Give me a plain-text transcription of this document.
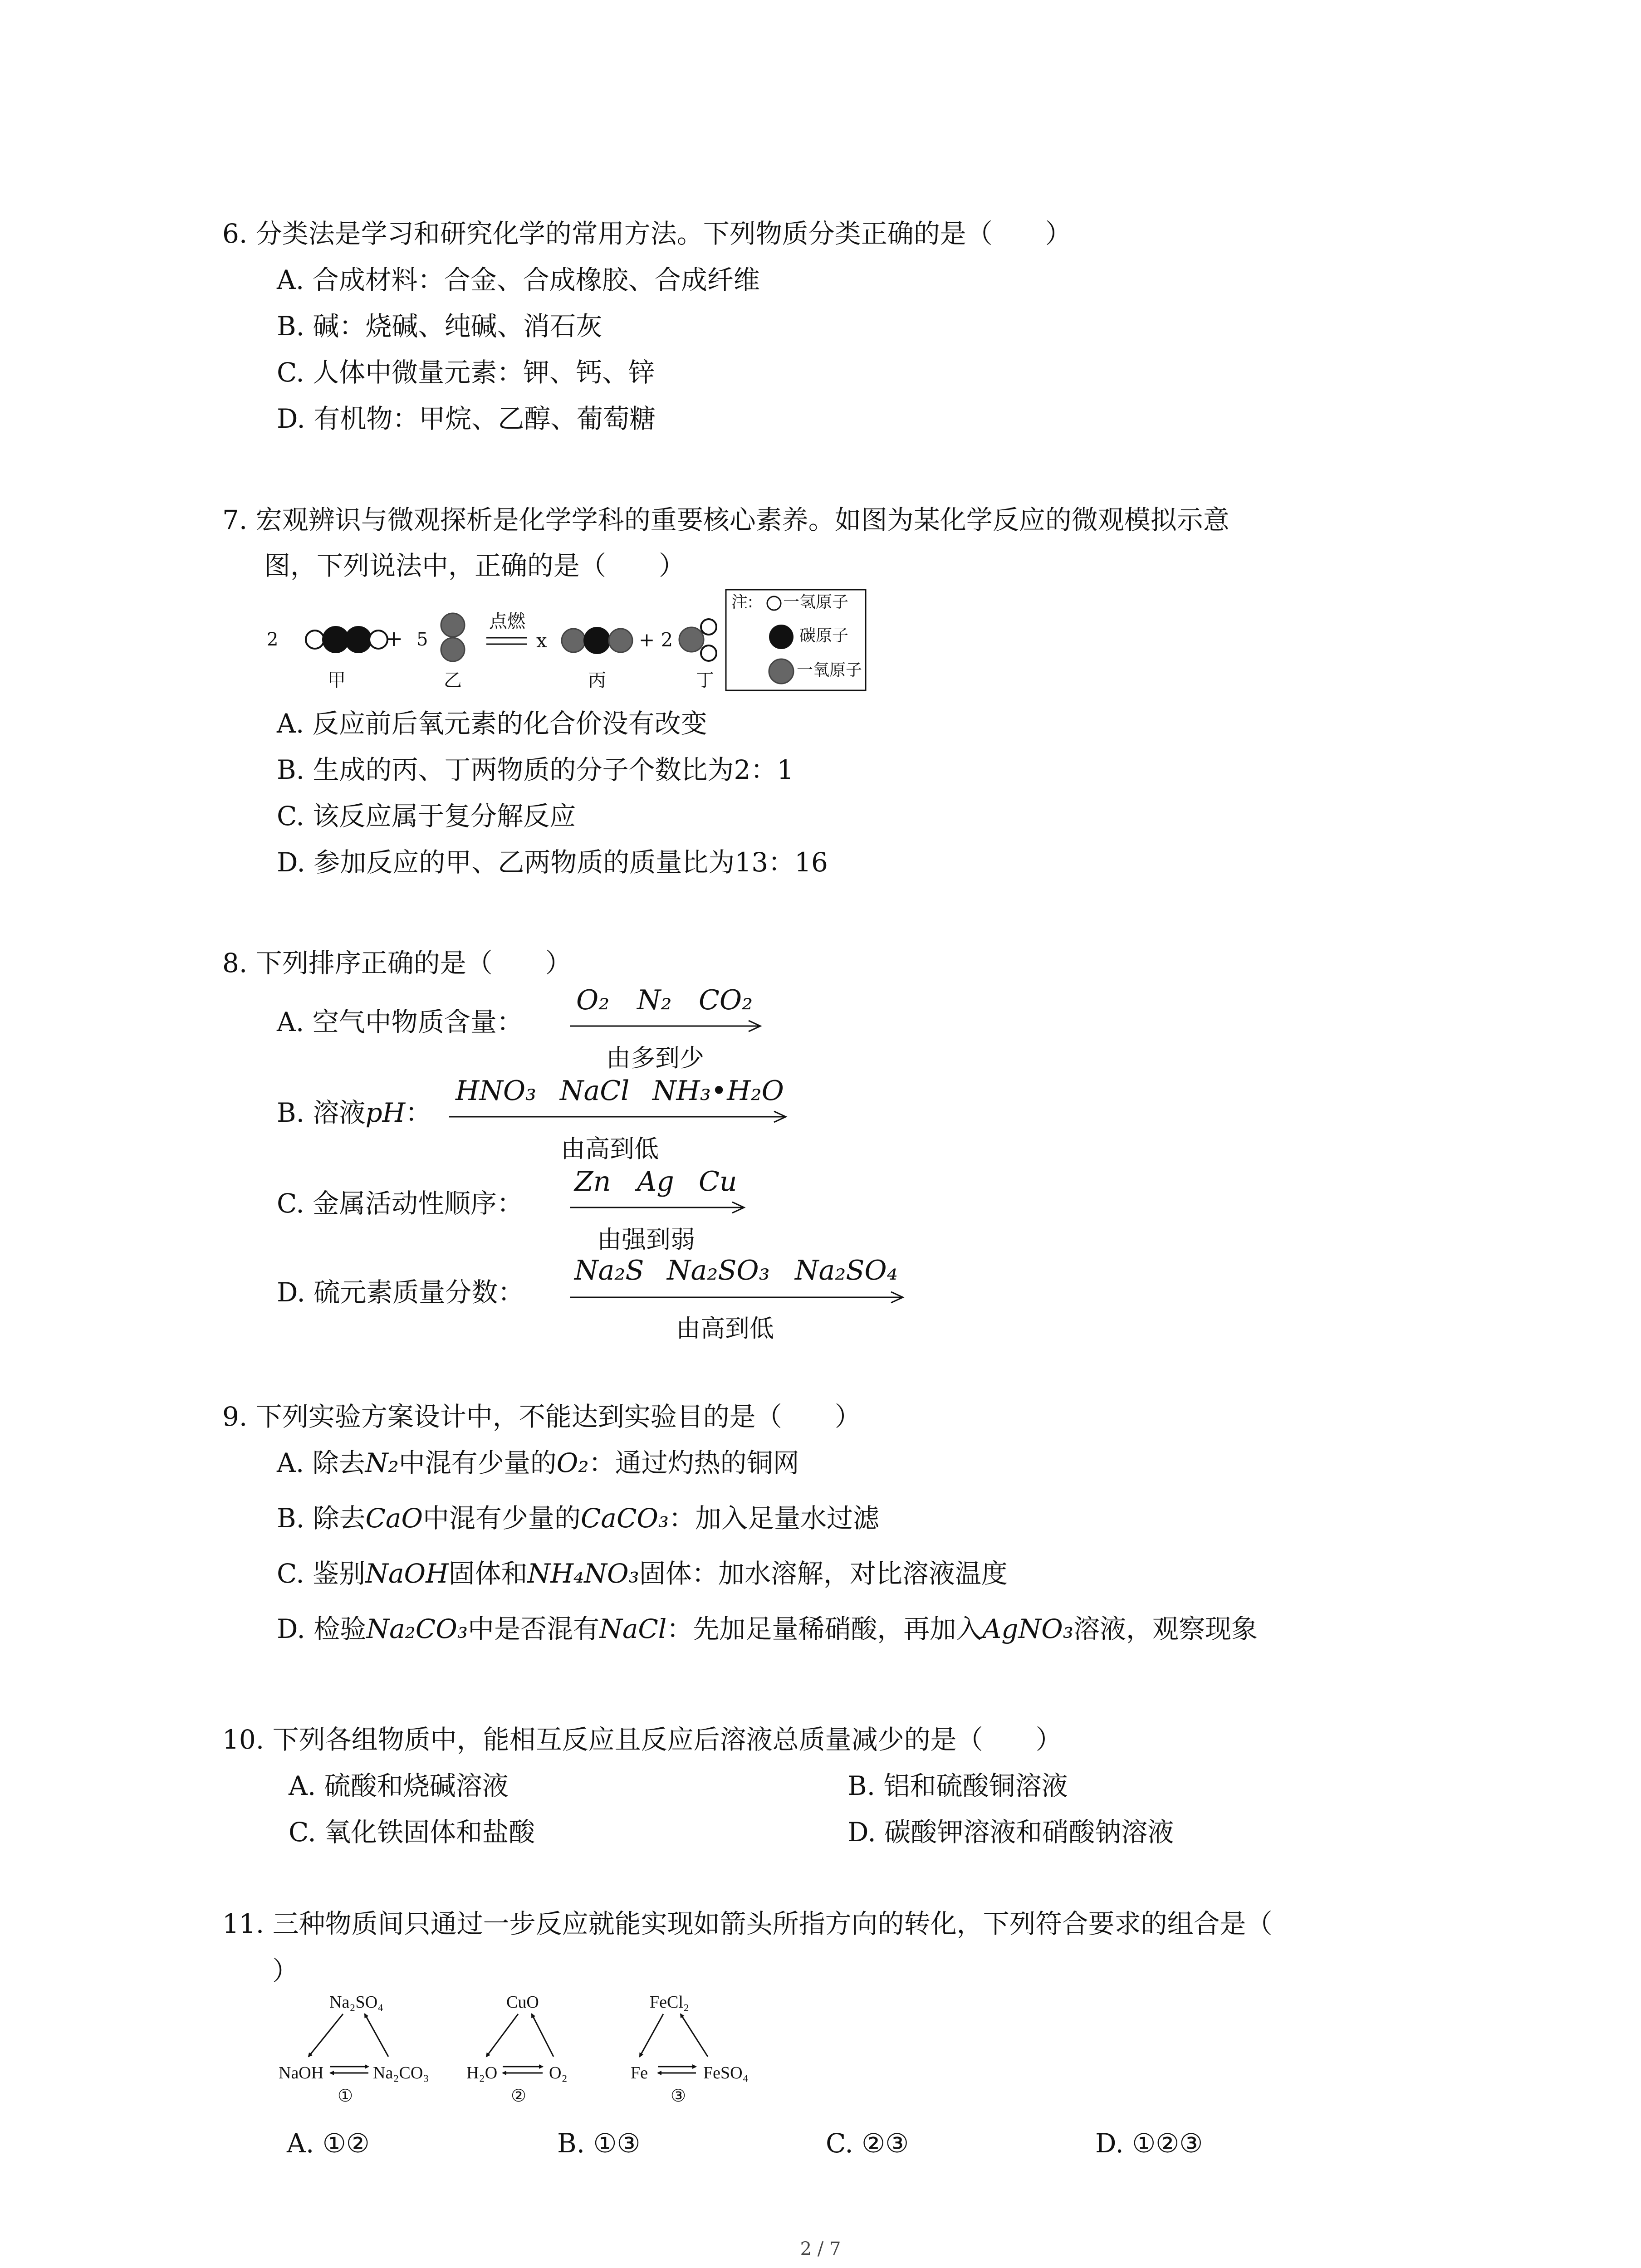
6. 分类法是学习和研究化学的常用方法。下列物质分类正确的是（　　）
A. 合成材料：合金、合成橡胶、合成纤维
B. 碱：烧碱、纯碱、消石灰
C. 人体中微量元素：钾、钙、锌
D. 有机物：甲烷、乙醇、葡萄糖
7. 宏观辨识与微观探析是化学学科的重要核心素养。如图为某化学反应的微观模拟示意
图，下列说法中，正确的是（　　）
2	+ 5
点燃
x	+ 2
甲	乙	丙	丁
注: 一氢原子
碳原子
一氧原子
A. 反应前后氧元素的化合价没有改变
B. 生成的丙、丁两物质的分子个数比为2：1
C. 该反应属于复分解反应
D. 参加反应的甲、乙两物质的质量比为13：16
8. 下列排序正确的是（　　）
A. 空气中物质含量：
O₂ N₂ CO₂
由多到少
B. 溶液pH：
HNO₃ NaCl NH₃•H₂O
由高到低
C. 金属活动性顺序：
Zn Ag Cu
由强到弱
D. 硫元素质量分数：
Na₂S Na₂SO₃ Na₂SO₄
由高到低
9. 下列实验方案设计中，不能达到实验目的是（　　）
A. 除去N₂中混有少量的O₂：通过灼热的铜网
B. 除去CaO中混有少量的CaCO₃：加入足量水过滤
C. 鉴别NaOH固体和NH₄NO₃固体：加水溶解，对比溶液温度
D. 检验Na₂CO₃中是否混有NaCl：先加足量稀硝酸，再加入AgNO₃溶液，观察现象
10. 下列各组物质中，能相互反应且反应后溶液总质量减少的是（　　）
A. 硫酸和烧碱溶液	B. 铝和硫酸铜溶液
C. 氧化铁固体和盐酸	D. 碳酸钾溶液和硝酸钠溶液
11. 三种物质间只通过一步反应就能实现如箭头所指方向的转化，下列符合要求的组合是（
）
Na₂SO₄
NaOH	Na₂CO₃
①
CuO
H₂O	O₂
②
FeCl₂
Fe	FeSO₄
③
A. ①②	B. ①③	C. ②③	D. ①②③
2 / 7
